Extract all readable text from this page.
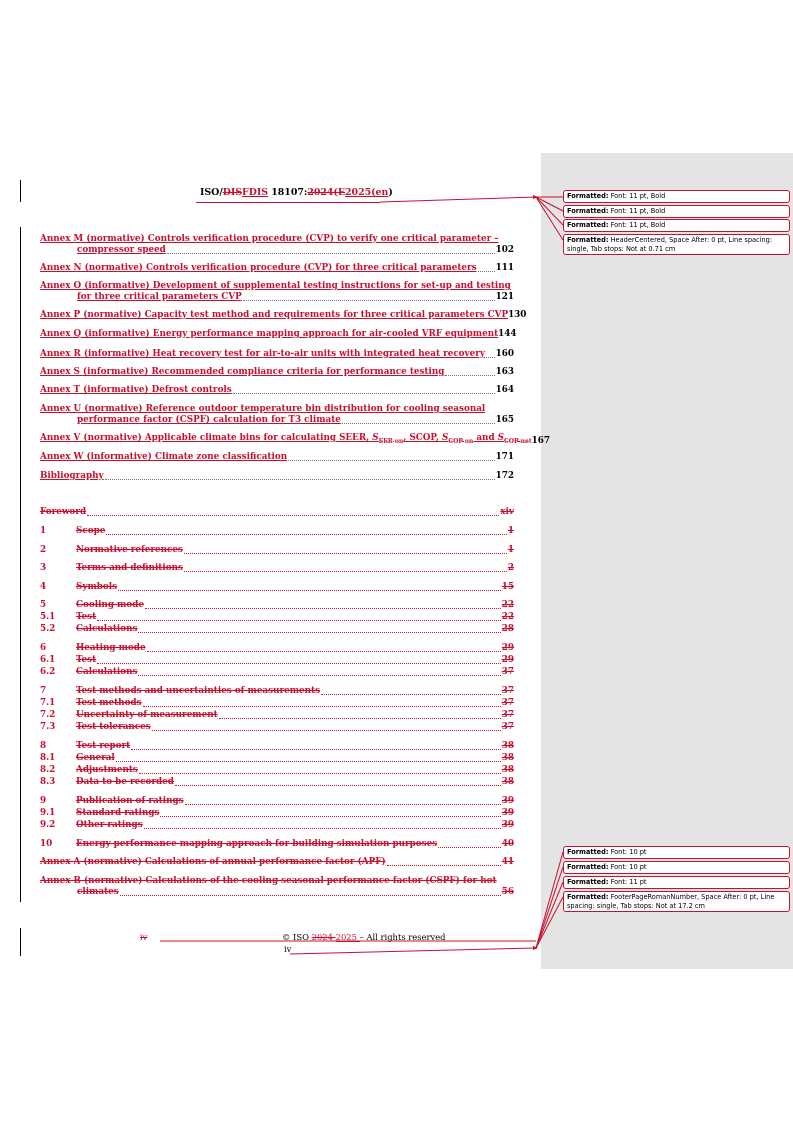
ISO/DISFDIS 18107:2024(E2025(en)
Annex M (normative) Controls verification procedure (CVP) to verify one critical parameter –
compressor speed	102
Annex N (normative) Controls verification procedure (CVP) for three critical parameters 111
Annex O (informative) Development of supplemental testing instructions for set-up and testing
for three critical parameters CVP	121
Annex P (normative) Capacity test method and requirements for three critical parameters CVP 130
Annex Q (informative) Energy performance mapping approach for air-cooled VRF equipment 144
Annex R (informative) Heat recovery test for air-to-air units with integrated heat recovery 160
Annex S (informative) Recommended compliance criteria for performance testing	163
Annex T (informative) Defrost controls	164
Annex U (normative) Reference outdoor temperature bin distribution for cooling seasonal
performance factor (CSPF) calculation for T3 climate	165
Annex V (normative) Applicable climate bins for calculating SEER, $S_{EER on}$, SCOP, $S_{COP on}$ and $S_{COP net}$ 167
Annex W (informative) Climate zone classification	171
Bibliography	172
Foreword	xiv
1	Scope	1
2	Normative references	1
3	Terms and definitions	2
4	Symbols	15
5	Cooling mode	22
5.1 Test	22
5.2 Calculations	28
6	Heating mode	29
6.1 Test	29
6.2 Calculations	37
7	Test methods and uncertainties of measurements	37
7.1 Test methods	37
7.2 Uncertainty of measurement	37
7.3 Test tolerances	37
8	Test report	38
8.1 General	38
8.2 Adjustments	38
8.3 Data to be recorded	38
9	Publication of ratings	39
9.1 Standard ratings	39
9.2 Other ratings	39
10	Energy performance mapping approach for building simulation purposes	40
Annex A (normative) Calculations of annual performance factor (APF)	41
Annex B (normative) Calculations of the cooling seasonal performance factor (CSPF) for hot
climates	56
iv	© ISO 2024 2025 – All rights reserved
iv
Formatted: Font: 11 pt, Bold
Formatted: Font: 11 pt, Bold
Formatted: Font: 11 pt, Bold
Formatted: HeaderCentered, Space After: 0 pt, Line spacing: single, Tab stops: Not at 0.71 cm
Formatted: Font: 10 pt
Formatted: Font: 10 pt
Formatted: Font: 11 pt
Formatted: FooterPageRomanNumber, Space After: 0 pt, Line spacing: single, Tab stops: Not at 17.2 cm
